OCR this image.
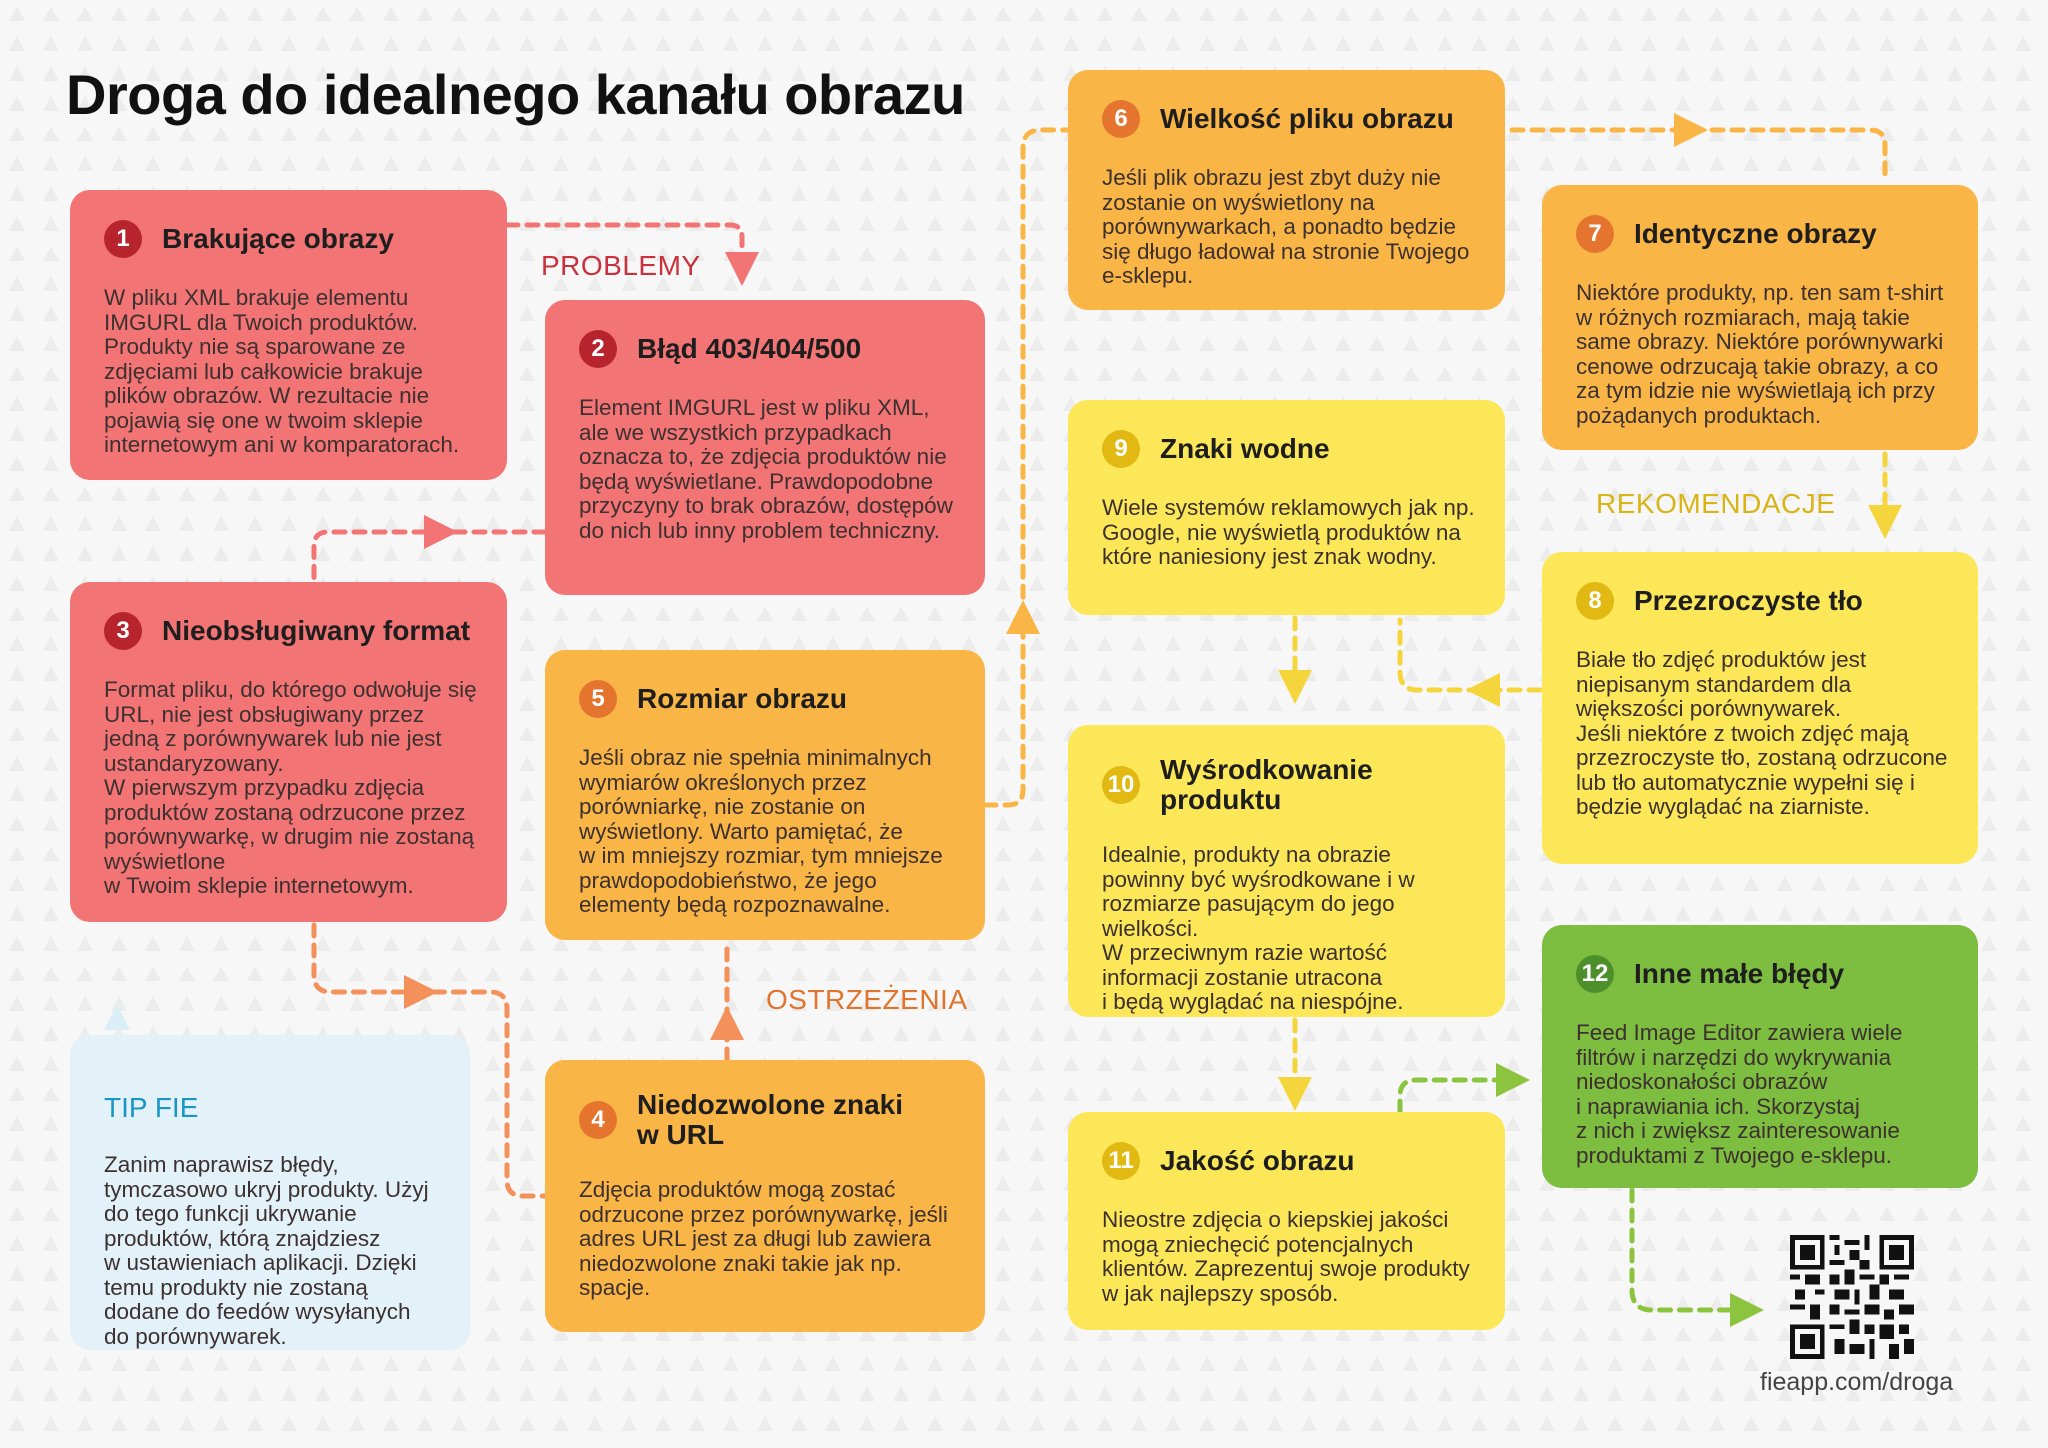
Droga do idealnego kanału obrazu
PROBLEMY
OSTRZEŻENIA
REKOMENDACJE
1	Brakujące obrazy
W pliku XML brakuje elementu IMGURL dla Twoich produktów. Produkty nie są sparowane ze zdjęciami lub całkowicie brakuje plików obrazów. W rezultacie nie pojawią się one w twoim sklepie internetowym ani w komparatorach.
2	Błąd 403/404/500
Element IMGURL jest w pliku XML, ale we wszystkich przypadkach oznacza to, że zdjęcia produktów nie będą wyświetlane. Prawdopodobne przyczyny to brak obrazów, dostępów do nich lub inny problem techniczny.
3	Nieobsługiwany format
Format pliku, do którego odwołuje się URL, nie jest obsługiwany przez jedną z porównywarek lub nie jest ustandaryzowany.
W pierwszym przypadku zdjęcia produktów zostaną odrzucone przez porównywarkę, w drugim nie zostaną wyświetlone
w Twoim sklepie internetowym.
4	Niedozwolone znaki
w URL
Zdjęcia produktów mogą zostać odrzucone przez porównywarkę, jeśli adres URL jest za długi lub zawiera niedozwolone znaki takie jak np. spacje.
5	Rozmiar obrazu
Jeśli obraz nie spełnia minimalnych wymiarów określonych przez porówniarkę, nie zostanie on wyświetlony. Warto pamiętać, że
w im mniejszy rozmiar, tym mniejsze prawdopodobieństwo, że jego elementy będą rozpoznawalne.
6	Wielkość pliku obrazu
Jeśli plik obrazu jest zbyt duży nie zostanie on wyświetlony na porównywarkach, a ponadto będzie się długo ładował na stronie Twojego e-sklepu.
7	Identyczne obrazy
Niektóre produkty, np. ten sam t-shirt w różnych rozmiarach, mają takie same obrazy. Niektóre porównywarki cenowe odrzucają takie obrazy, a co za tym idzie nie wyświetlają ich przy pożądanych produktach.
8	Przezroczyste tło
Białe tło zdjęć produktów jest niepisanym standardem dla większości porównywarek.
Jeśli niektóre z twoich zdjęć mają przezroczyste tło, zostaną odrzucone lub tło automatycznie wypełni się i będzie wyglądać na ziarniste.
9	Znaki wodne
Wiele systemów reklamowych jak np. Google, nie wyświetlą produktów na które naniesiony jest znak wodny.
10 Wyśrodkowanie
produktu
Idealnie, produkty na obrazie powinny być wyśrodkowane i w rozmiarze pasującym do jego wielkości.
W przeciwnym razie wartość informacji zostanie utracona
i będą wyglądać na niespójne.
11 Jakość obrazu
Nieostre zdjęcia o kiepskiej jakości mogą zniechęcić potencjalnych klientów. Zaprezentuj swoje produkty w jak najlepszy sposób.
12 Inne małe błędy
Feed Image Editor zawiera wiele filtrów i narzędzi do wykrywania niedoskonałości obrazów
i naprawiania ich. Skorzystaj
z nich i zwiększ zainteresowanie produktami z Twojego e-sklepu.
TIP FIE
Zanim naprawisz błędy, tymczasowo ukryj produkty. Użyj do tego funkcji ukrywanie produktów, którą znajdziesz
w ustawieniach aplikacji. Dzięki temu produkty nie zostaną dodane do feedów wysyłanych do porównywarek.
fieapp.com/droga
